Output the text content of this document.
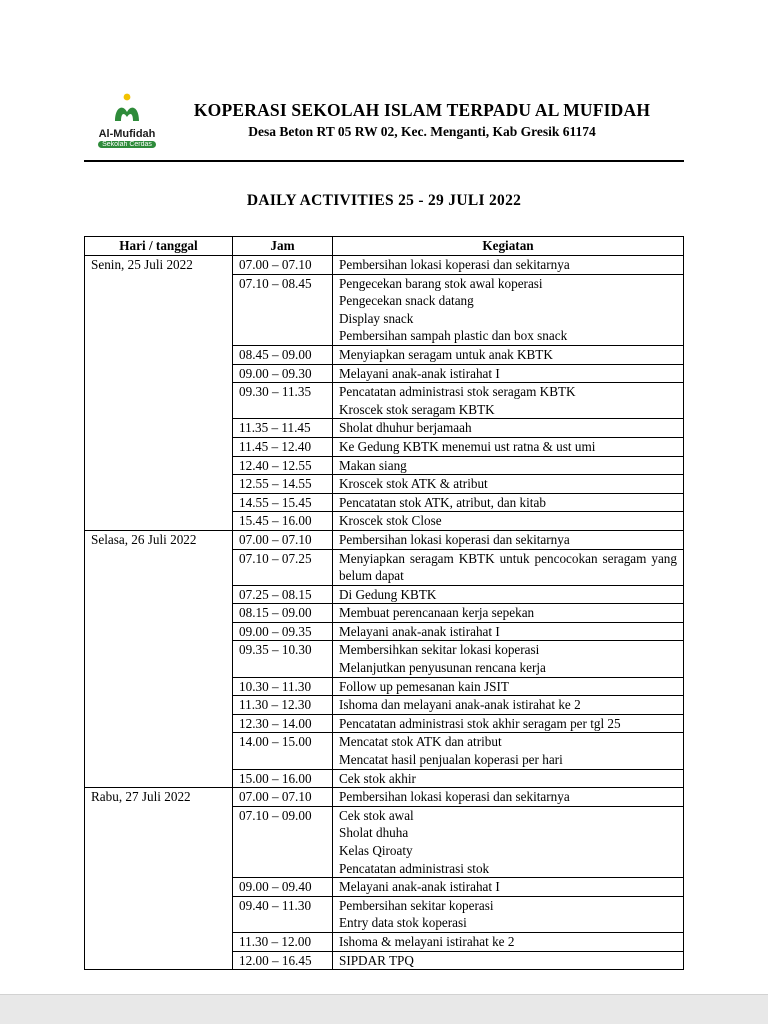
Al-Mufidah
Sekolah Cerdas
KOPERASI SEKOLAH ISLAM TERPADU AL MUFIDAH
Desa Beton RT 05 RW 02, Kec. Menganti, Kab Gresik 61174
DAILY ACTIVITIES 25 - 29 JULI 2022
Hari / tanggal	Jam	Kegiatan
Senin, 25 Juli 2022	07.00 – 07.10	Pembersihan lokasi koperasi dan sekitarnya

	07.10 – 08.45	Pengecekan barang stok awal koperasi
Pengecekan snack datang
Display snack
Pembersihan sampah plastic dan box snack

	08.45 – 09.00	Menyiapkan seragam untuk anak KBTK

	09.00 – 09.30	Melayani anak-anak istirahat I

	09.30 – 11.35	Pencatatan administrasi stok seragam KBTK
Kroscek stok seragam KBTK

	11.35 – 11.45	Sholat dhuhur berjamaah

	11.45 – 12.40	Ke Gedung KBTK menemui ust ratna & ust umi

	12.40 – 12.55	Makan siang

	12.55 – 14.55	Kroscek stok ATK & atribut

	14.55 – 15.45	Pencatatan stok ATK, atribut, dan kitab

	15.45 – 16.00	Kroscek stok Close

Selasa, 26 Juli 2022	07.00 – 07.10	Pembersihan lokasi koperasi dan sekitarnya

	07.10 – 07.25	Menyiapkan seragam KBTK untuk pencocokan seragam yang belum dapat

	07.25 – 08.15	Di Gedung KBTK

	08.15 – 09.00	Membuat perencanaan kerja sepekan

	09.00 – 09.35	Melayani anak-anak istirahat I

	09.35 – 10.30	Membersihkan sekitar lokasi koperasi
Melanjutkan penyusunan rencana kerja

	10.30 – 11.30	Follow up pemesanan kain JSIT

	11.30 – 12.30	Ishoma dan melayani anak-anak istirahat ke 2

	12.30 – 14.00	Pencatatan administrasi stok akhir seragam per tgl 25

	14.00 – 15.00	Mencatat stok ATK dan atribut
Mencatat hasil penjualan koperasi per hari

	15.00 – 16.00	Cek stok akhir

Rabu, 27 Juli 2022	07.00 – 07.10	Pembersihan lokasi koperasi dan sekitarnya

	07.10 – 09.00	Cek stok awal
Sholat dhuha
Kelas Qiroaty
Pencatatan administrasi stok

	09.00 – 09.40	Melayani anak-anak istirahat I

	09.40 – 11.30	Pembersihan sekitar koperasi
Entry data stok koperasi

	11.30 – 12.00	Ishoma & melayani istirahat ke 2

	12.00 – 16.45	SIPDAR TPQ
